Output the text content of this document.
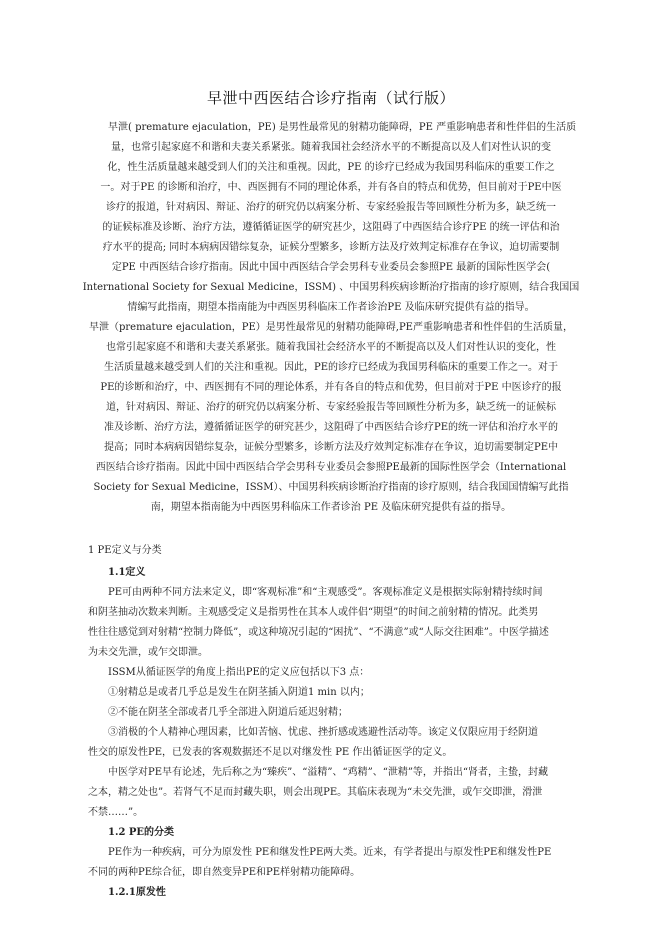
早泄中西医结合诊疗指南（试行版）
早泄( premature ejaculation，PE) 是男性最常见的射精功能障碍，PE 严重影响患者和性伴侣的生活质
量，也常引起家庭不和谐和夫妻关系紧张。随着我国社会经济水平的不断提高以及人们对性认识的变
化，性生活质量越来越受到人们的关注和重视。因此，PE 的诊疗已经成为我国男科临床的重要工作之
一。对于PE 的诊断和治疗，中、西医拥有不同的理论体系，并有各自的特点和优势，但目前对于PE中医
诊疗的报道，针对病因、辩证、治疗的研究仍以病案分析、专家经验报告等回顾性分析为多，缺乏统一
的证候标准及诊断、治疗方法，遵循循证医学的研究甚少，这阻碍了中西医结合诊疗PE 的统一评估和治
疗水平的提高; 同时本病病因错综复杂，证候分型繁多，诊断方法及疗效判定标准存在争议，迫切需要制
定PE 中西医结合诊疗指南。因此中国中西医结合学会男科专业委员会参照PE 最新的国际性医学会(
International Society for Sexual Medicine，ISSM) 、中国男科疾病诊断治疗指南的诊疗原则，结合我国国
情编写此指南，期望本指南能为中西医男科临床工作者诊治PE 及临床研究提供有益的指导。
早泄（premature ejaculation，PE）是男性最常见的射精功能障碍,PE严重影响患者和性伴侣的生活质量，
也常引起家庭不和谐和夫妻关系紧张。随着我国社会经济水平的不断提高以及人们对性认识的变化，性
生活质量越来越受到人们的关注和重视。因此，PE的诊疗已经成为我国男科临床的重要工作之一。对于
PE的诊断和治疗，中、西医拥有不同的理论体系，并有各自的特点和优势，但目前对于PE 中医诊疗的报
道，针对病因、辩证、治疗的研究仍以病案分析、专家经验报告等回顾性分析为多，缺乏统一的证候标
准及诊断、治疗方法，遵循循证医学的研究甚少，这阻碍了中西医结合诊疗PE的统一评估和治疗水平的
提高；同时本病病因错综复杂，证候分型繁多，诊断方法及疗效判定标准存在争议，迫切需要制定PE中
西医结合诊疗指南。因此中国中西医结合学会男科专业委员会参照PE最新的国际性医学会（International
Society for Sexual Medicine，ISSM）、中国男科疾病诊断治疗指南的诊疗原则，结合我国国情编写此指
南，期望本指南能为中西医男科临床工作者诊治 PE 及临床研究提供有益的指导。
1 PE定义与分类
1.1定义
PE可由两种不同方法来定义，即“客观标准”和“主观感受”。客观标准定义是根据实际射精持续时间
和阴茎抽动次数来判断。主观感受定义是指男性在其本人或伴侣“期望”的时间之前射精的情况。此类男
性往往感觉到对射精“控制力降低”，或这种境况引起的“困扰”、“不满意”或“人际交往困难”。中医学描述
为未交先泄，或乍交即泄。
ISSM从循证医学的角度上指出PE的定义应包括以下3 点：
①射精总是或者几乎总是发生在阴茎插入阴道1 min 以内；
②不能在阴茎全部或者几乎全部进入阴道后延迟射精；
③消极的个人精神心理因素，比如苦恼、忧虑、挫折感或逃避性活动等。该定义仅限应用于经阴道
性交的原发性PE，已发表的客观数据还不足以对继发性 PE 作出循证医学的定义。
中医学对PE早有论述，先后称之为“臻疾”、“溢精”、“鸡精”、“泄精”等，并指出“肾者，主蛰，封藏
之本，精之处也”。若肾气不足而封藏失职，则会出现PE。其临床表现为“未交先泄，或乍交即泄，滑泄
不禁……”。
1.2 PE的分类
PE作为一种疾病，可分为原发性 PE和继发性PE两大类。近来，有学者提出与原发性PE和继发性PE
不同的两种PE综合征，即自然变异PE和PE样射精功能障碍。
1.2.1原发性
